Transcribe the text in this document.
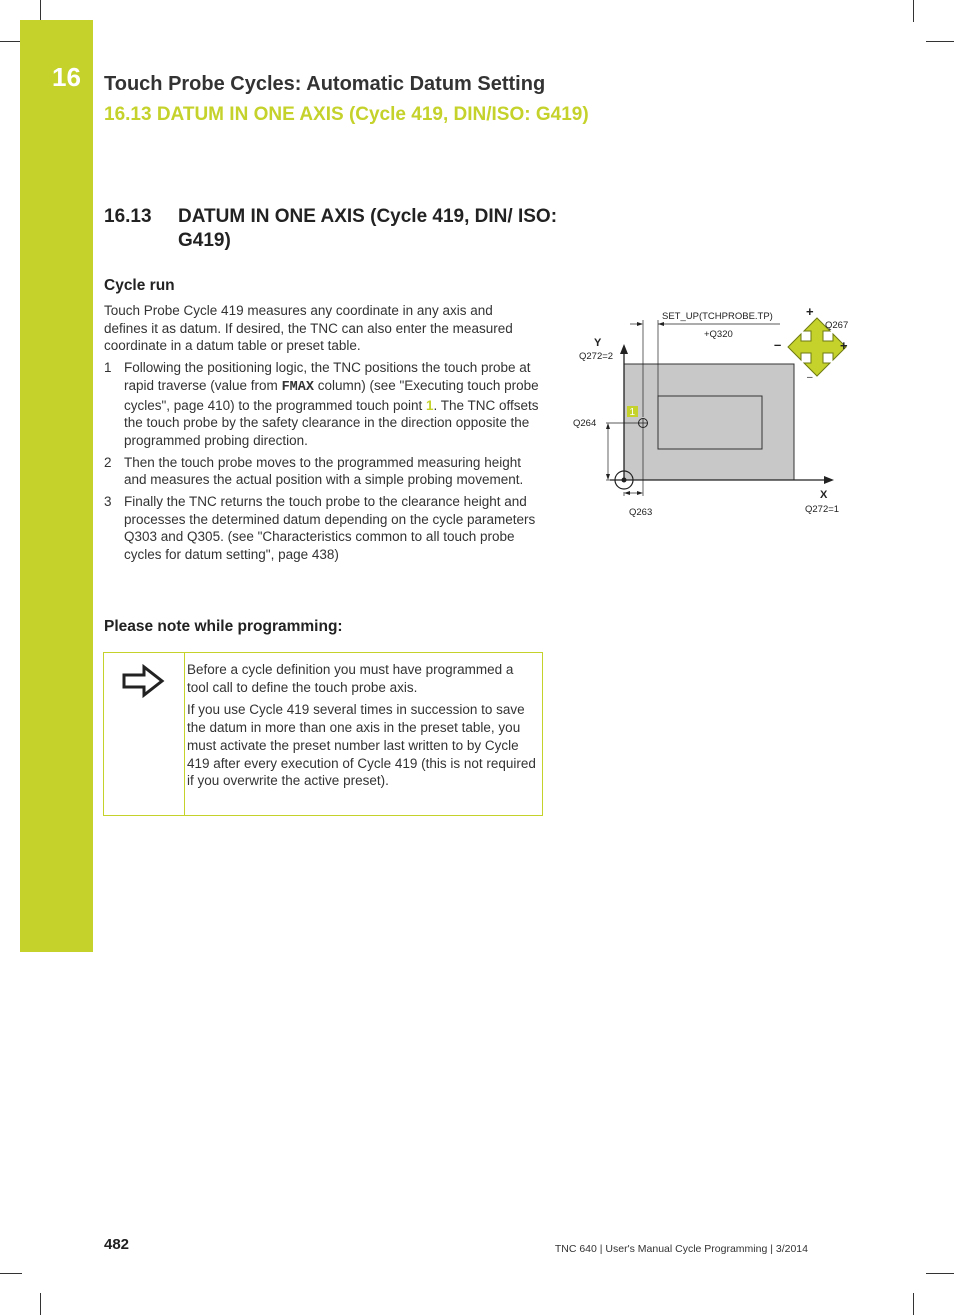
16 Touch Probe Cycles: Automatic Datum Setting
16.13 DATUM IN ONE AXIS (Cycle 419, DIN/ISO: G419)
16.13 DATUM IN ONE AXIS (Cycle 419, DIN/ ISO: G419)
Cycle run

Touch Probe Cycle 419 measures any coordinate in any axis and defines it as datum. If desired, the TNC can also enter the measured coordinate in a datum table or preset table.

1 Following the positioning logic, the TNC positions the touch probe at rapid traverse (value from FMAX column) (see "Executing touch probe cycles", page 410) to the programmed touch point 1. The TNC offsets the touch probe by the safety clearance in the direction opposite the programmed probing direction.
2 Then the touch probe moves to the programmed measuring height and measures the actual position with a simple probing movement.
3 Finally the TNC returns the touch probe to the clearance height and processes the determined datum depending on the cycle parameters Q303 and Q305. (see "Characteristics common to all touch probe cycles for datum setting", page 438)
Please note while programming:

Before a cycle definition you must have programmed a tool call to define the touch probe axis.

If you use Cycle 419 several times in succession to save the datum in more than one axis in the preset table, you must activate the preset number last written to by Cycle 419 after every execution of Cycle 419 (this is not required if you overwrite the active preset).

1
Q264
Q263
SET_UP(TCHPROBE.TP)
+Q320
Y
Q272=2
X
Q272=1
+
+
–
–
Q267
482	TNC 640 | User's Manual Cycle Programming | 3/2014
